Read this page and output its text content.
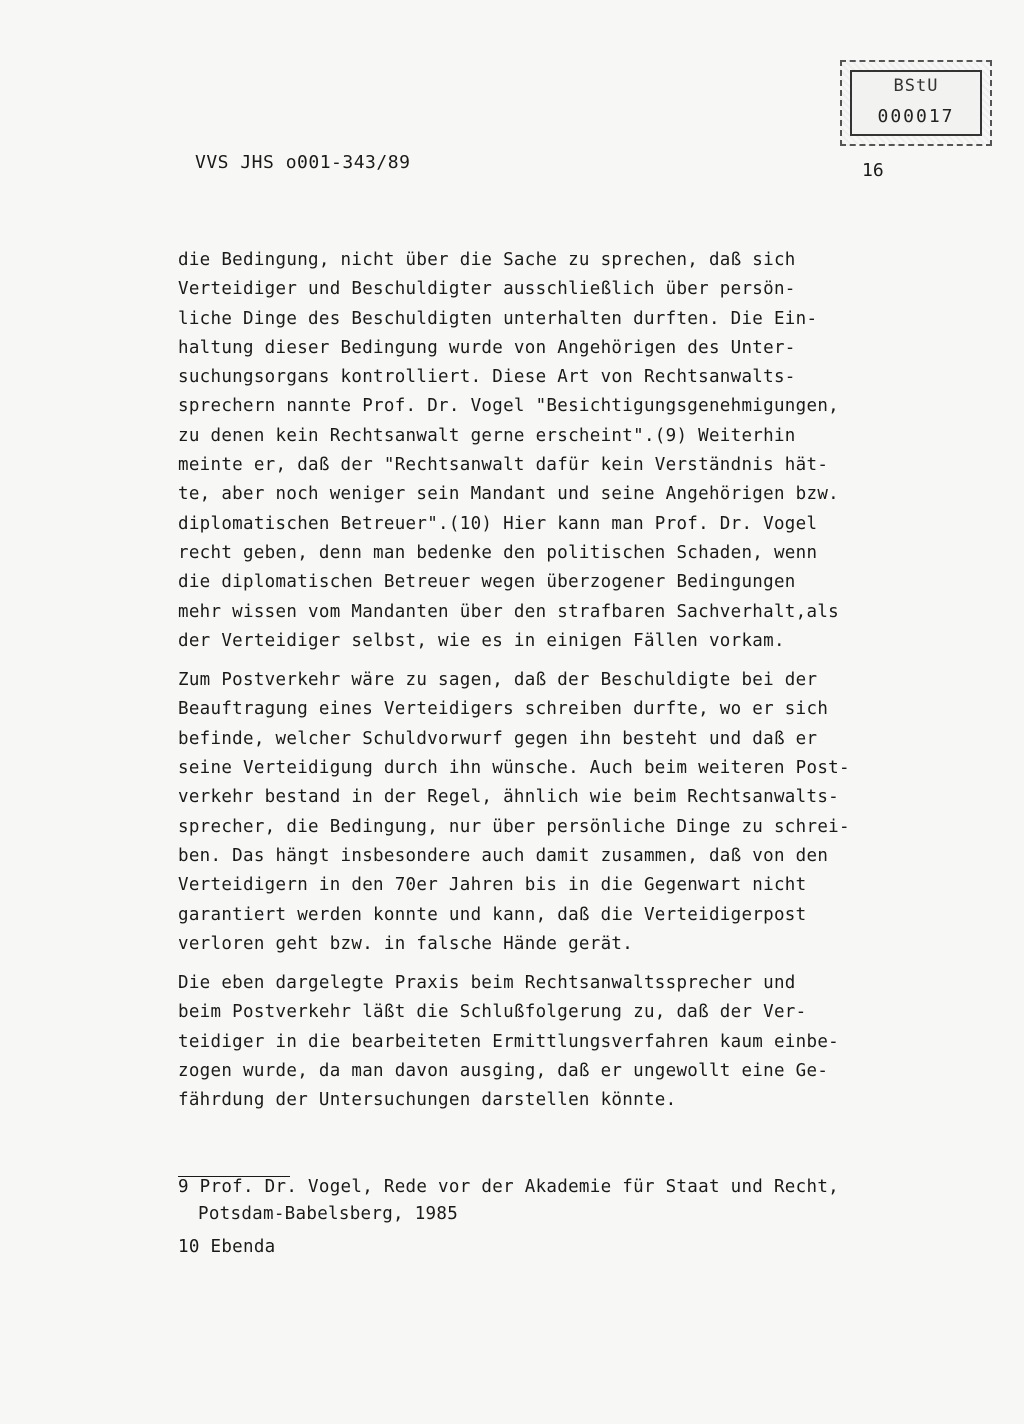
BStU
000017
VVS JHS o001-343/89	16
die Bedingung, nicht über die Sache zu sprechen, daß sich
Verteidiger und Beschuldigter ausschließlich über persön-
liche Dinge des Beschuldigten unterhalten durften. Die Ein-
haltung dieser Bedingung wurde von Angehörigen des Unter-
suchungsorgans kontrolliert. Diese Art von Rechtsanwalts-
sprechern nannte Prof. Dr. Vogel "Besichtigungsgenehmigungen,
zu denen kein Rechtsanwalt gerne erscheint".(9) Weiterhin
meinte er, daß der "Rechtsanwalt dafür kein Verständnis hät-
te, aber noch weniger sein Mandant und seine Angehörigen bzw.
diplomatischen Betreuer".(10) Hier kann man Prof. Dr. Vogel
recht geben, denn man bedenke den politischen Schaden, wenn
die diplomatischen Betreuer wegen überzogener Bedingungen
mehr wissen vom Mandanten über den strafbaren Sachverhalt,als
der Verteidiger selbst, wie es in einigen Fällen vorkam.
Zum Postverkehr wäre zu sagen, daß der Beschuldigte bei der
Beauftragung eines Verteidigers schreiben durfte, wo er sich
befinde, welcher Schuldvorwurf gegen ihn besteht und daß er
seine Verteidigung durch ihn wünsche. Auch beim weiteren Post-
verkehr bestand in der Regel, ähnlich wie beim Rechtsanwalts-
sprecher, die Bedingung, nur über persönliche Dinge zu schrei-
ben. Das hängt insbesondere auch damit zusammen, daß von den
Verteidigern in den 70er Jahren bis in die Gegenwart nicht
garantiert werden konnte und kann, daß die Verteidigerpost
verloren geht bzw. in falsche Hände gerät.
Die eben dargelegte Praxis beim Rechtsanwaltssprecher und
beim Postverkehr läßt die Schlußfolgerung zu, daß der Ver-
teidiger in die bearbeiteten Ermittlungsverfahren kaum einbe-
zogen wurde, da man davon ausging, daß er ungewollt eine Ge-
fährdung der Untersuchungen darstellen könnte.
9 Prof. Dr. Vogel, Rede vor der Akademie für Staat und Recht,
Potsdam-Babelsberg, 1985
10 Ebenda
